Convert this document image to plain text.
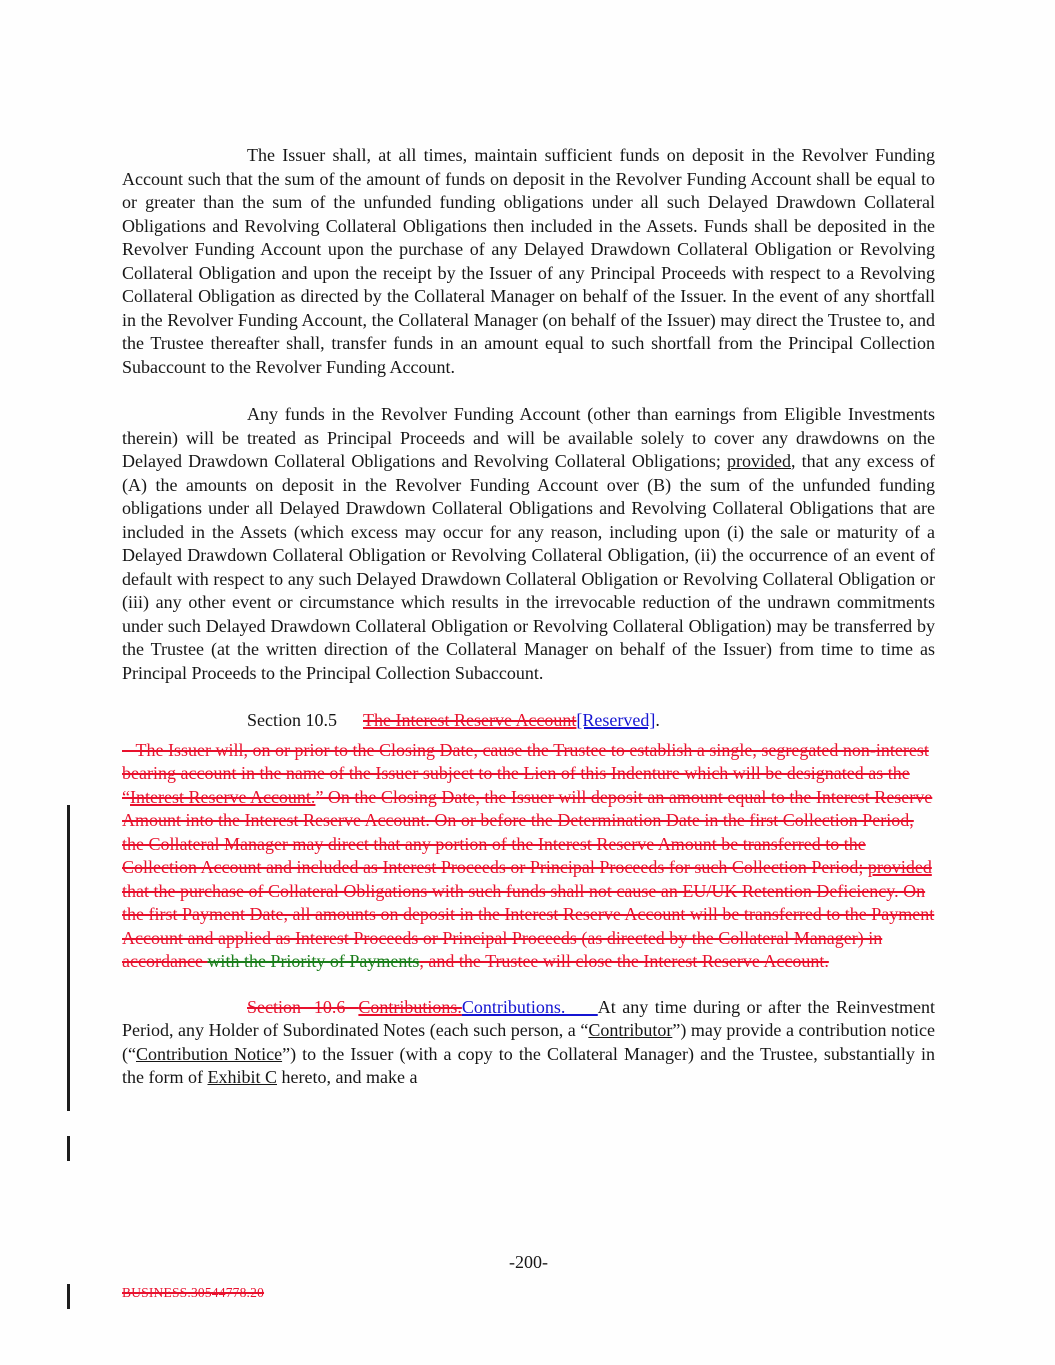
The Issuer shall, at all times, maintain sufficient funds on deposit in the Revolver Funding Account such that the sum of the amount of funds on deposit in the Revolver Funding Account shall be equal to or greater than the sum of the unfunded funding obligations under all such Delayed Drawdown Collateral Obligations and Revolving Collateral Obligations then included in the Assets. Funds shall be deposited in the Revolver Funding Account upon the purchase of any Delayed Drawdown Collateral Obligation or Revolving Collateral Obligation and upon the receipt by the Issuer of any Principal Proceeds with respect to a Revolving Collateral Obligation as directed by the Collateral Manager on behalf of the Issuer. In the event of any shortfall in the Revolver Funding Account, the Collateral Manager (on behalf of the Issuer) may direct the Trustee to, and the Trustee thereafter shall, transfer funds in an amount equal to such shortfall from the Principal Collection Subaccount to the Revolver Funding Account.

Any funds in the Revolver Funding Account (other than earnings from Eligible Investments therein) will be treated as Principal Proceeds and will be available solely to cover any drawdowns on the Delayed Drawdown Collateral Obligations and Revolving Collateral Obligations; provided, that any excess of (A) the amounts on deposit in the Revolver Funding Account over (B) the sum of the unfunded funding obligations under all Delayed Drawdown Collateral Obligations and Revolving Collateral Obligations that are included in the Assets (which excess may occur for any reason, including upon (i) the sale or maturity of a Delayed Drawdown Collateral Obligation or Revolving Collateral Obligation, (ii) the occurrence of an event of default with respect to any such Delayed Drawdown Collateral Obligation or Revolving Collateral Obligation or (iii) any other event or circumstance which results in the irrevocable reduction of the undrawn commitments under such Delayed Drawdown Collateral Obligation or Revolving Collateral Obligation) may be transferred by the Trustee (at the written direction of the Collateral Manager on behalf of the Issuer) from time to time as Principal Proceeds to the Principal Collection Subaccount.

Section 10.5 The Interest Reserve Account[Reserved].

The Issuer will, on or prior to the Closing Date, cause the Trustee to establish a single, segregated non-interest bearing account in the name of the Issuer subject to the Lien of this Indenture which will be designated as the “Interest Reserve Account.” On the Closing Date, the Issuer will deposit an amount equal to the Interest Reserve Amount into the Interest Reserve Account. On or before the Determination Date in the first Collection Period, the Collateral Manager may direct that any portion of the Interest Reserve Amount be transferred to the Collection Account and included as Interest Proceeds or Principal Proceeds for such Collection Period; provided that the purchase of Collateral Obligations with such funds shall not cause an EU/UK Retention Deficiency. On the first Payment Date, all amounts on deposit in the Interest Reserve Account will be transferred to the Payment Account and applied as Interest Proceeds or Principal Proceeds (as directed by the Collateral Manager) in accordance with the Priority of Payments, and the Trustee will close the Interest Reserve Account.

Section  10.6  Contributions.Contributions.     At any time during or after the Reinvestment Period, any Holder of Subordinated Notes (each such person, a “Contributor”) may provide a contribution notice (“Contribution Notice”) to the Issuer (with a copy to the Collateral Manager) and the Trustee, substantially in the form of Exhibit C hereto, and make a

-200-
BUSINESS.30544778.20
